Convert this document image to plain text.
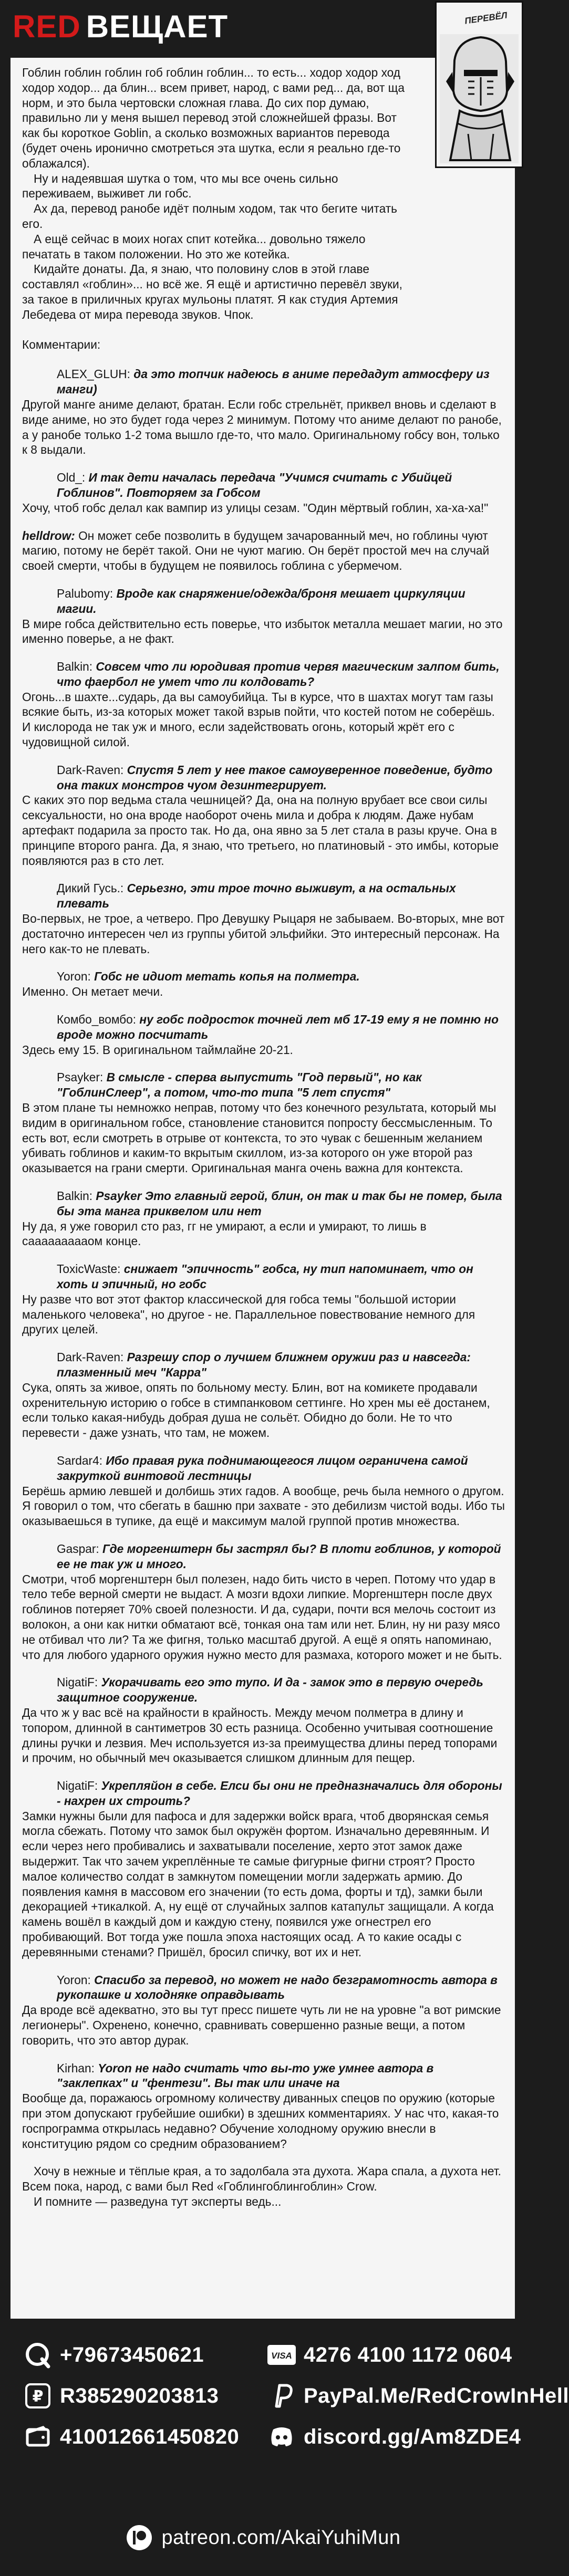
RED ВЕЩАЕТ	ПЕРЕВЁЛ

Гоблин гоблин гоблин гоб гоблин гоблин... то есть... ходор ходор ход ходор ходор... да блин... всем привет, народ, с вами ред... да, вот ща норм, и это была чертовски сложная глава. До сих пор думаю, правильно ли у меня вышел перевод этой сложнейшей фразы. Вот как бы короткое Goblin, а сколько возможных вариантов перевода (будет очень иронично смотреться эта шутка, если я реально где-то облажался).

Ну и надеявшая шутка о том, что мы все очень сильно переживаем, выживет ли гобс.

Ах да, перевод ранобе идёт полным ходом, так что бегите читать его.

А ещё сейчас в моих ногах спит котейка... довольно тяжело печатать в таком положении. Но это же котейка.

Кидайте донаты. Да, я знаю, что половину слов в этой главе составлял «гоблин»... но всё же. Я ещё и артистично перевёл звуки, за такое в приличных кругах мульоны платят. Я как студия Артемия Лебедева от мира перевода звуков. Чпок.

Комментарии:

ALEX_GLUH: да это топчик надеюсь в аниме передадут атмосферу из манги)

Другой манге аниме делают, братан. Если гобс стрельнёт, приквел вновь и сделают в виде аниме, но это будет года через 2 минимум. Потому что аниме делают по ранобе, а у ранобе только 1-2 тома вышло где-то, что мало. Оригинальному гобсу вон, только к 8 выдали.

Old_: И так дети началась передача "Учимся считать с Убийцей Гоблинов". Повторяем за Гобсом

Хочу, чтоб гобс делал как вампир из улицы сезам. "Один мёртвый гоблин, ха-ха-ха!"

helldrow: Он может себе позволить в будущем зачарованный меч, но гоблины чуют магию, потому не берёт такой. Они не чуют магию. Он берёт простой меч на случай своей смерти, чтобы в будущем не появилось гоблина с убермечом.

Palubomy: Вроде как снаряжение/одежда/броня мешает циркуляции магии.

В мире гобса действительно есть поверье, что избыток металла мешает магии, но это именно поверье, а не факт.

Balkin: Совсем что ли юродивая против червя магическим залпом бить, что фаербол не умет что ли колдовать?

Огонь...в шахте...сударь, да вы самоубийца. Ты в курсе, что в шахтах могут там газы всякие быть, из-за которых может такой взрыв пойти, что костей потом не соберёшь. И кислорода не так уж и много, если задействовать огонь, который жрёт его с чудовищной силой.

Dark-Raven: Спустя 5 лет у нее такое самоуверенное поведение, будто она таких монстров чуом дезинтегрирует.

С каких это пор ведьма стала чешницей? Да, она на полную врубает все свои силы сексуальности, но она вроде наоборот очень мила и добра к людям. Даже нубам артефакт подарила за просто так. Но да, она явно за 5 лет стала в разы круче. Она в принципе второго ранга. Да, я знаю, что третьего, но платиновый - это имбы, которые появляются раз в сто лет.

Дикий Гусь.: Серьезно, эти трое точно выживут, а на остальных плевать

Во-первых, не трое, а четверо. Про Девушку Рыцаря не забываем. Во-вторых, мне вот достаточно интересен чел из группы убитой эльфийки. Это интересный персонаж. На него как-то не плевать.

Yoron: Гобс не идиот метать копья на полметра.

Именно. Он метает мечи.

Комбо_вомбо: ну гобс подросток точней лет мб 17-19 ему я не помню но вроде можно посчитать

Здесь ему 15. В оригинальном таймлайне 20-21.

Psayker: В смысле - сперва выпустить "Год первый", но как "ГоблинСлеер", а потом, что-то типа "5 лет спустя"

В этом плане ты немножко неправ, потому что без конечного результата, который мы видим в оригинальном гобсе, становление становится попросту бессмысленным. То есть вот, если смотреть в отрыве от контекста, то это чувак с бешенным желанием убивать гоблинов и каким-то вкрытым скиллом, из-за которого он уже второй раз оказывается на грани смерти. Оригинальная манга очень важна для контекста.

Balkin: Psayker Это главный герой, блин, он так и так бы не помер, была бы эта манга приквелом или нет

Ну да, я уже говорил сто раз, гг не умирают, а если и умирают, то лишь в саааааааааом конце.

ToxicWaste: снижает "эпичность" гобса, ну тип напоминает, что он хоть и эпичный, но гобс

Ну разве что вот этот фактор классической для гобса темы "большой истории маленького человека", но другое - не. Параллельное повествование немного для других целей.

Dark-Raven: Разрешу спор о лучшем ближнем оружии раз и навсегда: плазменный меч "Карра"

Сука, опять за живое, опять по больному месту. Блин, вот на комикете продавали охренительную историю о гобсе в стимпанковом сеттинге. Но хрен мы её достанем, если только какая-нибудь добрая душа не сольёт. Обидно до боли. Не то что перевести - даже узнать, что там, не можем.

Sardar4: Ибо правая рука поднимающегося лицом ограничена самой закруткой винтовой лестницы

Берёшь армию левшей и долбишь этих гадов. А вообще, речь была немного о другом. Я говорил о том, что сбегать в башню при захвате - это дебилизм чистой воды. Ибо ты оказываешься в тупике, да ещё и максимум малой группой против множества.

Gaspar: Где моргенштерн бы застрял бы? В плоти гоблинов, у которой ее не так уж и много.

Смотри, чтоб моргенштерн был полезен, надо бить чисто в череп. Потому что удар в тело тебе верной смерти не выдаст. А мозги вдохи липкие. Моргенштерн после двух гоблинов потеряет 70% своей полезности. И да, судари, почти вся мелочь состоит из волокон, а они как нитки обматают всё, тонкая она там или нет. Блин, ну ни разу мясо не отбивал что ли? Та же фигня, только масштаб другой. А ещё я опять напоминаю, что для любого ударного оружия нужно место для размаха, которого может и не быть.

NigatiF: Укорачивать его это тупо. И да - замок это в первую очередь защитное сооружение.

Да что ж у вас всё на крайности в крайность. Между мечом полметра в длину и топором, длинной в сантиметров 30 есть разница. Особенно учитывая соотношение длины ручки и лезвия. Меч используется из-за преимущества длины перед топорами и прочим, но обычный меч оказывается слишком длинным для пещер.

NigatiF: Укрепляйон в себе. Елси бы они не предназначались для обороны - нахрен их строить?

Замки нужны были для пафоса и для задержки войск врага, чтоб дворянская семья могла сбежать. Потому что замок был окружён фортом. Изначально деревянным. И если через него пробивались и захватывали поселение, херто этот замок даже выдержит. Так что зачем укреплённые те самые фигурные фигни строят? Просто малое количество солдат в замкнутом помещении могли задержать армию. До появления камня в массовом его значении (то есть дома, форты и тд), замки были декорацией +тикалкой. А, ну ещё от случайных залпов катапульт защищали. А когда камень вошёл в каждый дом и каждую стену, появился уже огнестрел его пробивающий. Вот тогда уже пошла эпоха настоящих осад. А то какие осады с деревянными стенами? Пришёл, бросил спичку, вот их и нет.

Yoron: Спасибо за перевод, но может не надо безграмотность автора в рукопашке и холодняке оправдывать

Да вроде всё адекватно, это вы тут пресс пишете чуть ли не на уровне "а вот римские легионеры". Охренено, конечно, сравнивать совершенно разные вещи, а потом говорить, что это автор дурак.

Kirhan: Yoron не надо считать что вы-то уже умнее автора в "заклепках" и "фентези". Вы так или иначе на

Вообще да, поражаюсь огромному количеству диванных спецов по оружию (которые при этом допускают грубейшие ошибки) в здешних комментариях. У нас что, какая-то госпрограмма открылась недавно? Обучение холодному оружию внесли в конституцию рядом со средним образованием?

Хочу в нежные и тёплые края, а то задолбала эта духота. Жара спала, а духота нет. Всем пока, народ, с вами был Red «Гоблингоблингоблин» Crow.

И помните — разведуна тут эксперты ведь...

+79673450621
₽ R385290203813
410012661450820
VISA 4276 4100 1172 0604
PayPal.Me/RedCrowInHell
discord.gg/Am8ZDE4
patreon.com/AkaiYuhiMun
